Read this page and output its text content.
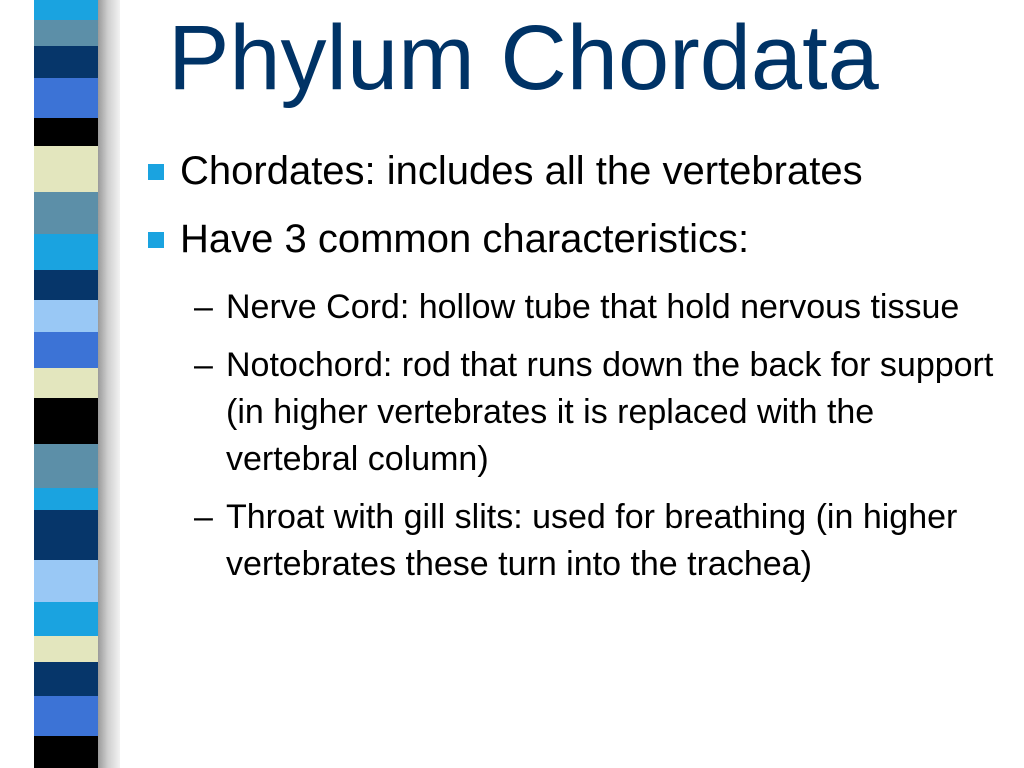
Phylum Chordata
Chordates: includes all the vertebrates
Have 3 common characteristics:
– Nerve Cord: hollow tube that hold nervous tissue
– Notochord: rod that runs down the back for support (in higher vertebrates it is replaced with the vertebral column)
– Throat with gill slits: used for breathing (in higher vertebrates these turn into the trachea)
